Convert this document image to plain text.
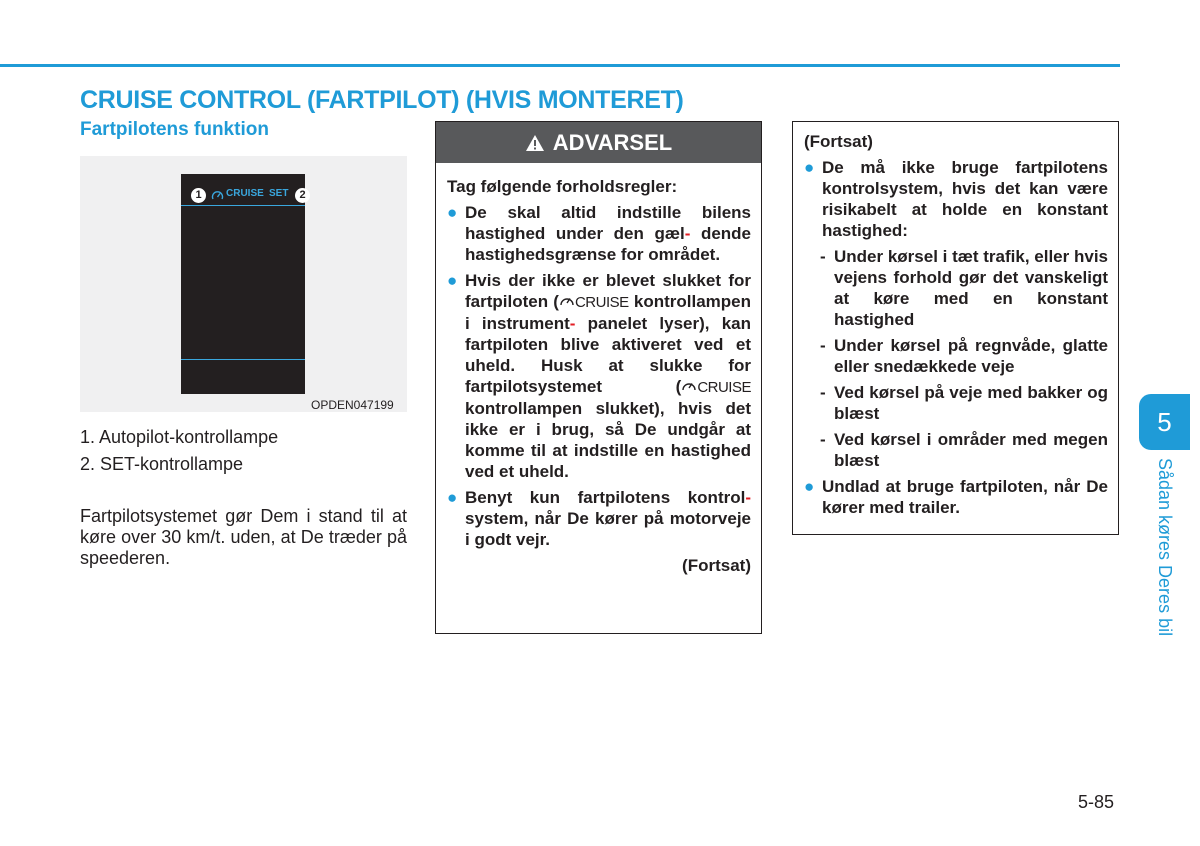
CRUISE CONTROL (FARTPILOT) (HVIS MONTERET)
Fartpilotens funktion
1	CRUISE SET 2
OPDEN047199
1. Autopilot-kontrollampe
2. SET-kontrollampe
Fartpilotsystemet gør Dem i stand til at køre over 30 km/t. uden, at De træder på speederen.
ADVARSEL

Tag følgende forholdsregler:

● De skal altid indstille bilens hastighed under den gæl- dende hastighedsgrænse for området.
● Hvis der ikke er blevet slukket for fartpiloten ( CRUISE kontrollampen i instrument- panelet lyser), kan fartpiloten blive aktiveret ved et uheld. Husk at slukke for fartpilotsystemet ( CRUISE
kontrollampen slukket), hvis det ikke er i brug, så De undgår at komme til at indstille en hastighed ved et uheld.
● Benyt kun fartpilotens kontrol- system, når De kører på motorveje i godt vejr.

(Fortsat)

(Fortsat)

● De må ikke bruge fartpilotens kontrolsystem, hvis det kan være risikabelt at holde en konstant hastighed:
- Under kørsel i tæt trafik, eller hvis vejens forhold gør det vanskeligt at køre med en konstant hastighed
- Under kørsel på regnvåde, glatte eller snedækkede veje
- Ved kørsel på veje med bakker og blæst
- Ved kørsel i områder med megen blæst
● Undlad at bruge fartpiloten, når De kører med trailer.
5
Sådan køres Deres bil
5-85
